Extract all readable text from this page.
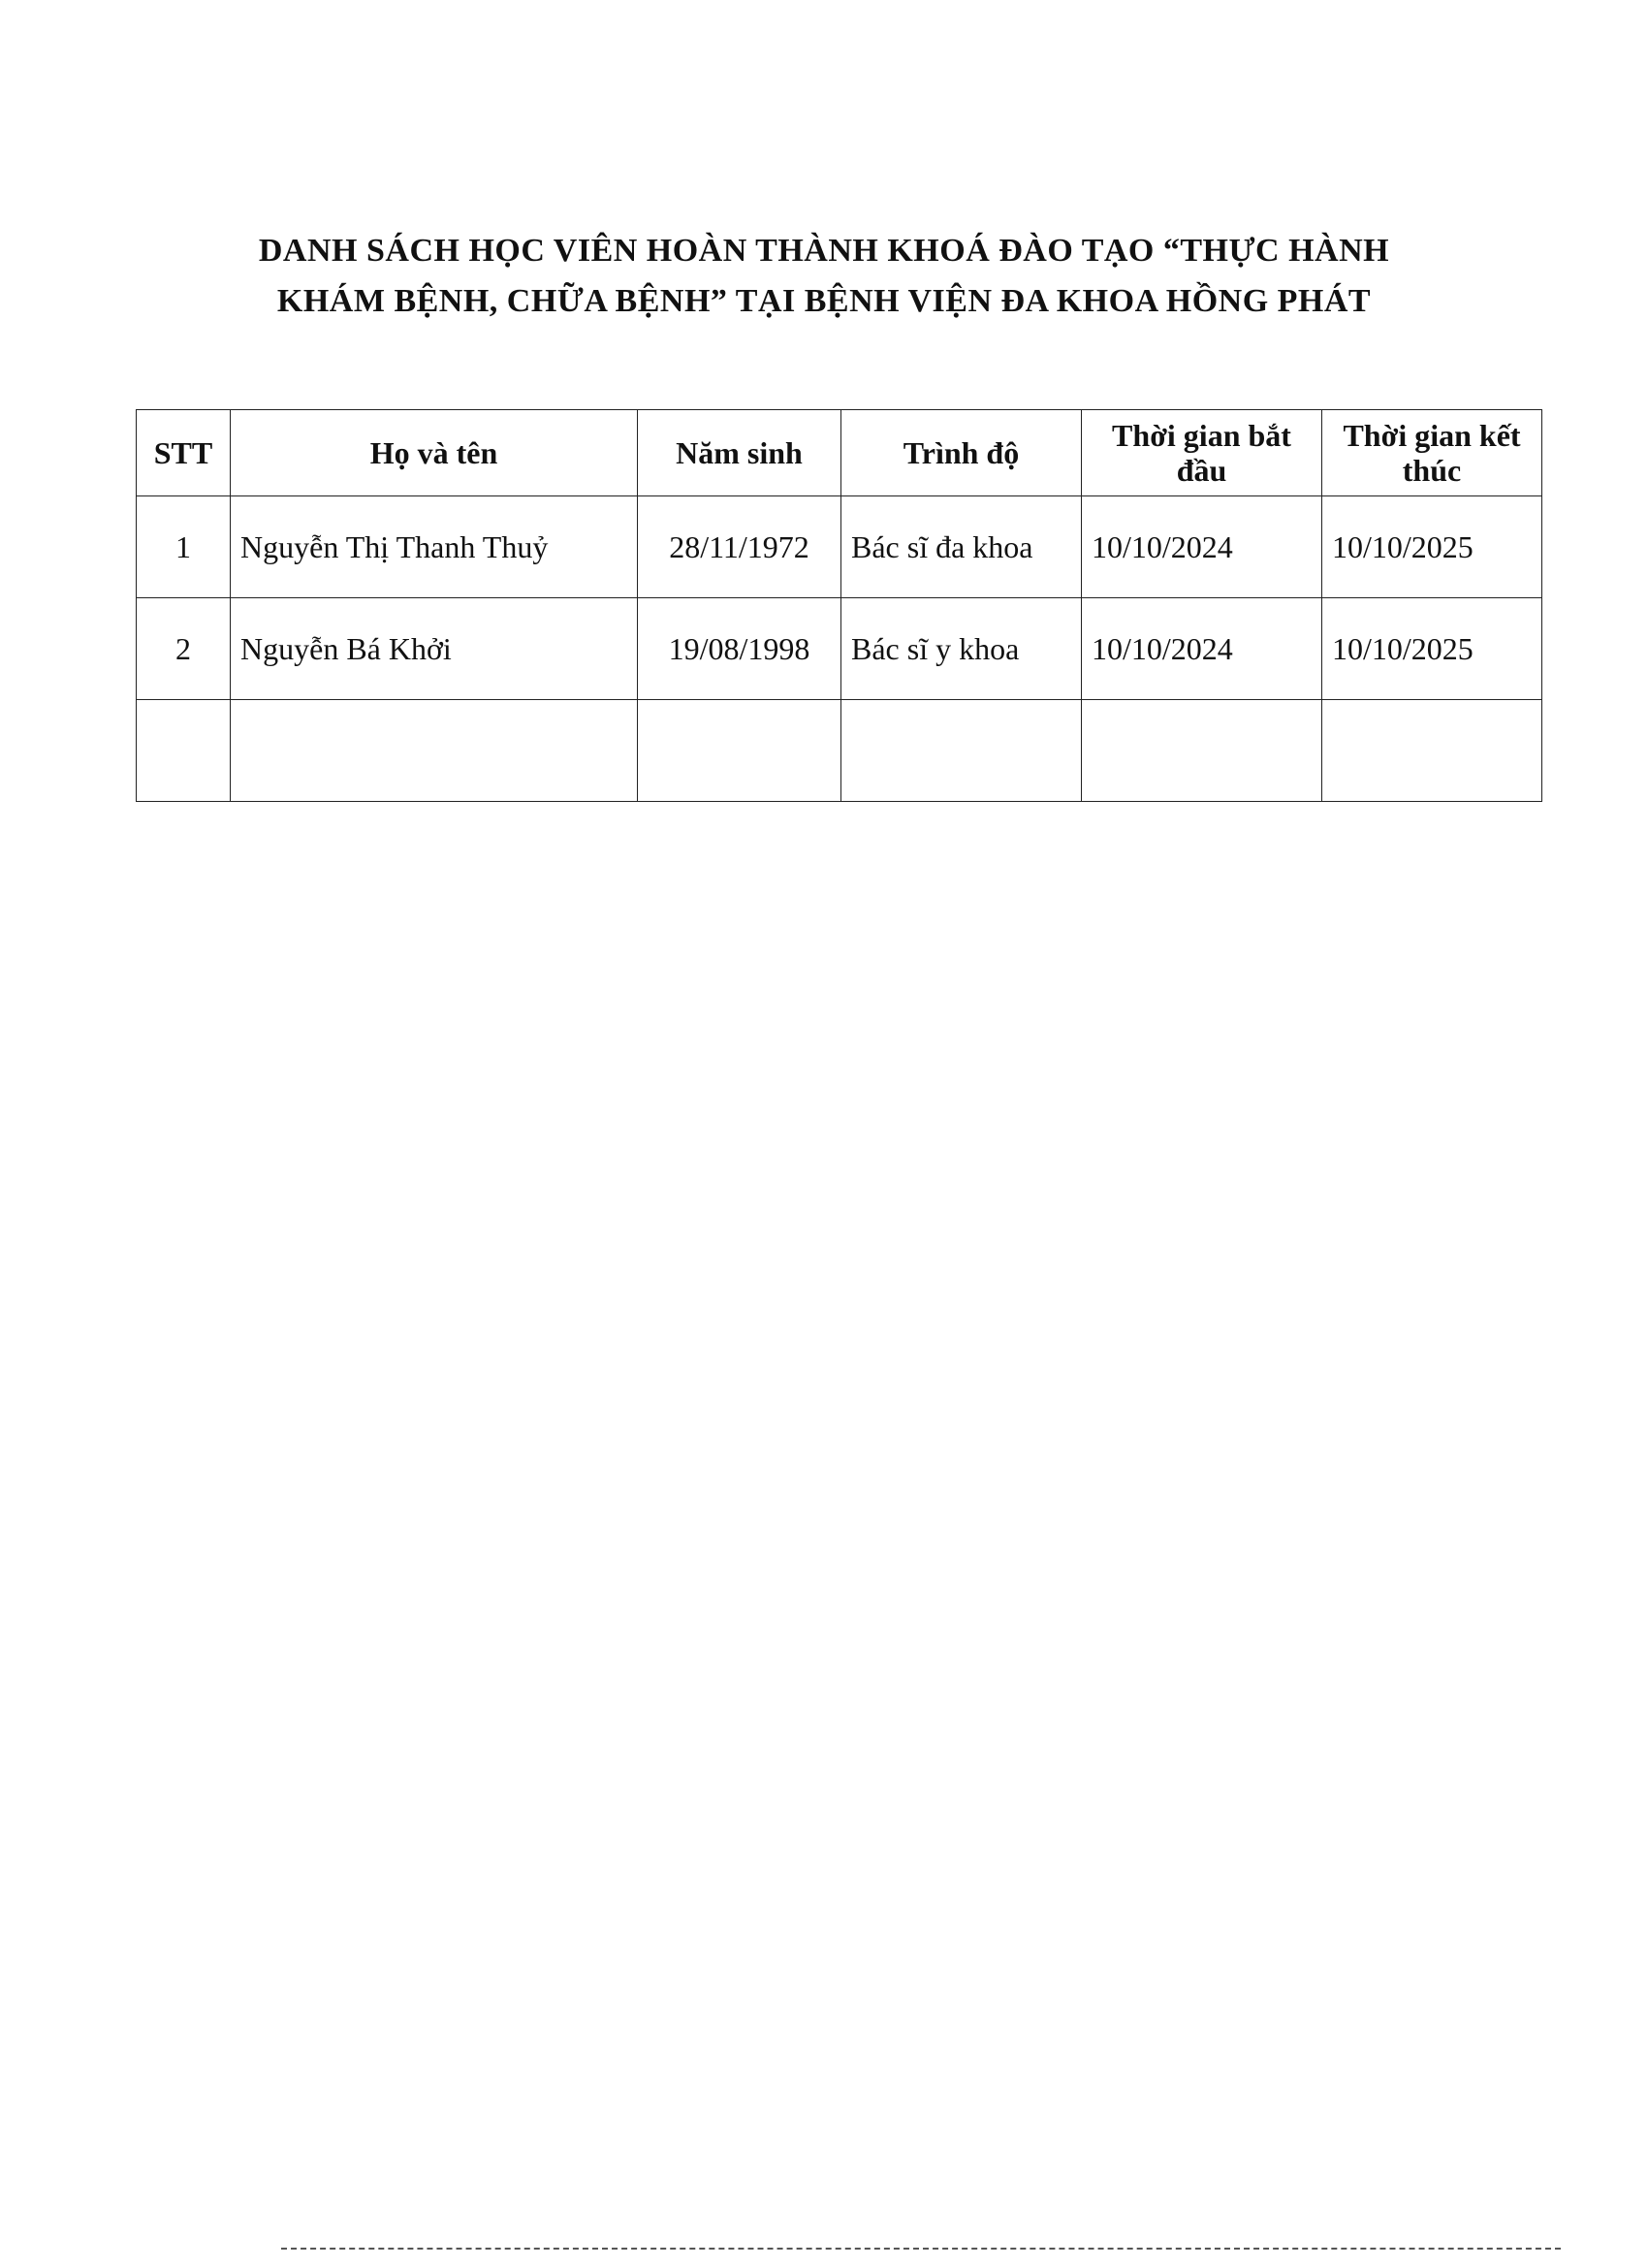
DANH SÁCH HỌC VIÊN HOÀN THÀNH KHOÁ ĐÀO TẠO “THỰC HÀNH
KHÁM BỆNH, CHỮA BỆNH” TẠI BỆNH VIỆN ĐA KHOA HỒNG PHÁT
STT	Họ và tên	Năm sinh	Trình độ	Thời gian bắt đầu	Thời gian kết thúc
1	Nguyễn Thị Thanh Thuỷ	28/11/1972	Bác sĩ đa khoa	10/10/2024	10/10/2025
2	Nguyễn Bá Khởi	19/08/1998	Bác sĩ y khoa	10/10/2024	10/10/2025
